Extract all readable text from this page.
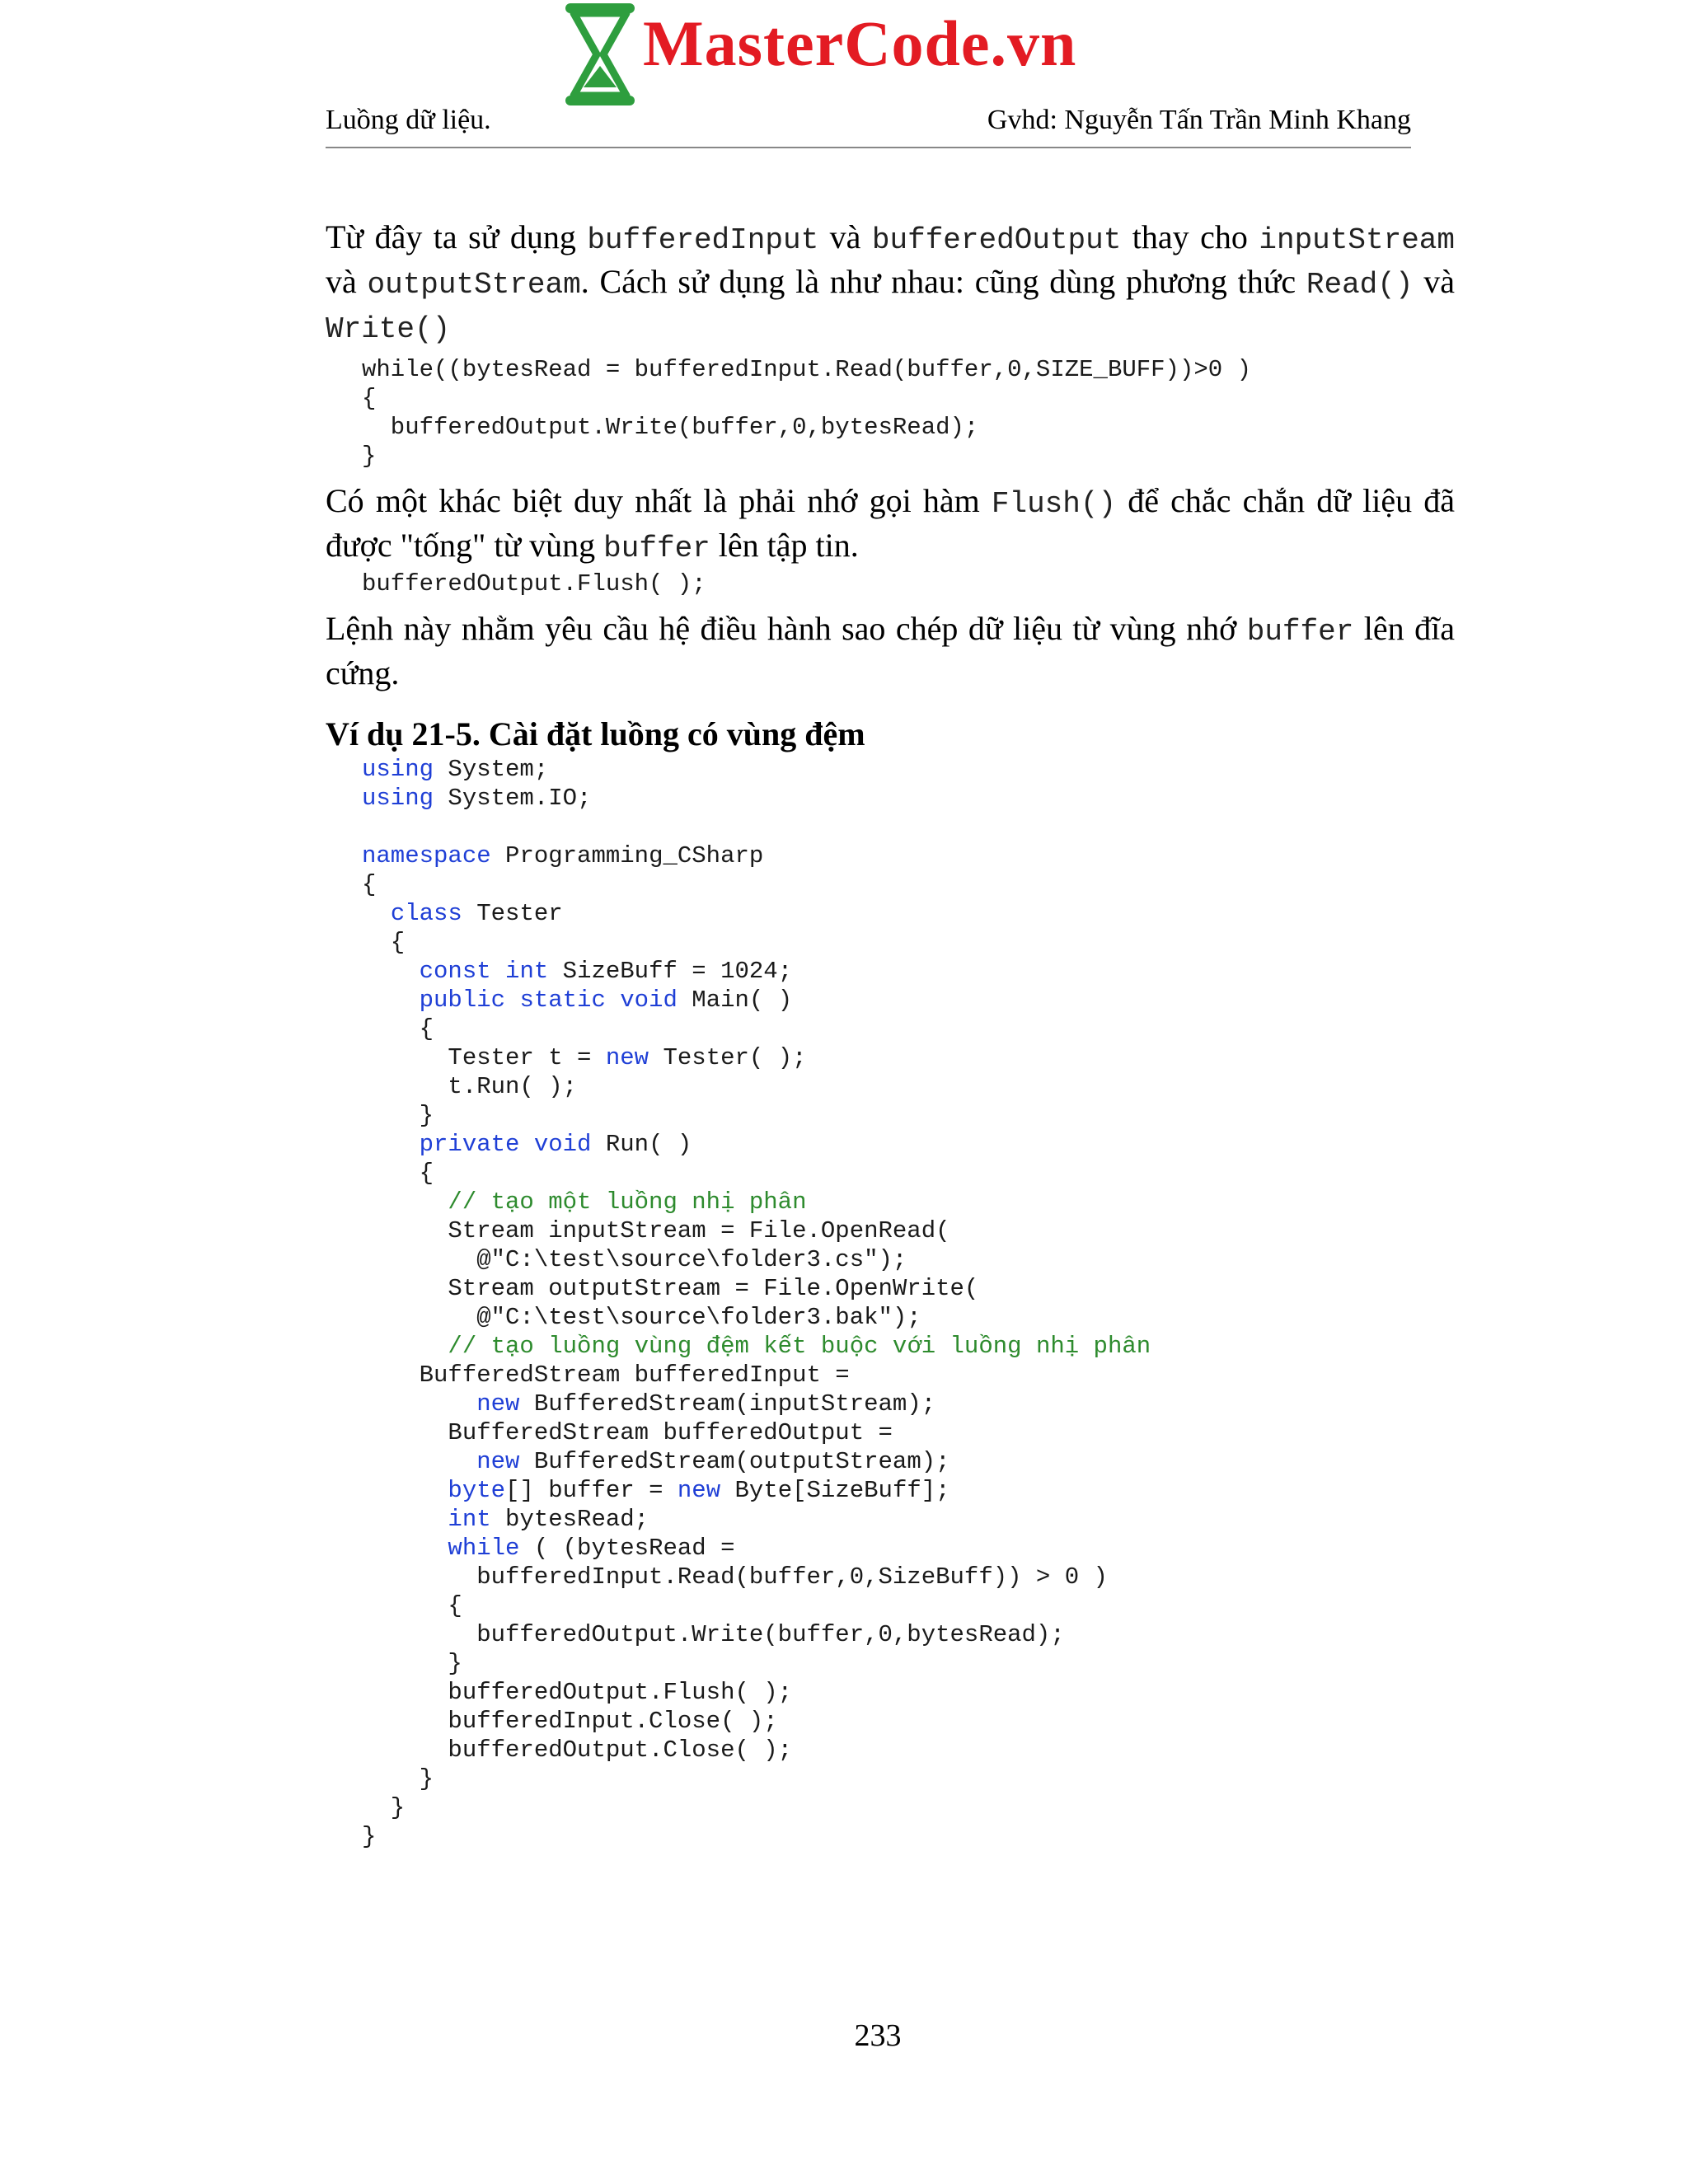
MasterCode.vn
Luồng dữ liệu.	Gvhd: Nguyễn Tấn Trần Minh Khang

Từ đây ta sử dụng bufferedInput và bufferedOutput thay cho inputStream và outputStream. Cách sử dụng là như nhau: cũng dùng phương thức Read() và Write()

while((bytesRead = bufferedInput.Read(buffer,0,SIZE_BUFF))>0 )
{
bufferedOutput.Write(buffer,0,bytesRead);
}

Có một khác biệt duy nhất là phải nhớ gọi hàm Flush() để chắc chắn dữ liệu đã được "tống" từ vùng buffer lên tập tin.

bufferedOutput.Flush( );

Lệnh này nhằm yêu cầu hệ điều hành sao chép dữ liệu từ vùng nhớ buffer lên đĩa cứng.

Ví dụ 21-5. Cài đặt luồng có vùng đệm
using System;
using System.IO;
namespace Programming_CSharp
{
class Tester
{
const int SizeBuff = 1024;
public static void Main( )
{
Tester t = new Tester( );
t.Run( );
}
private void Run( )
{
// tạo một luồng nhị phân
Stream inputStream = File.OpenRead(
@"C:\test\source\folder3.cs");
Stream outputStream = File.OpenWrite(
@"C:\test\source\folder3.bak");
// tạo luồng vùng đệm kết buộc với luồng nhị phân
BufferedStream bufferedInput =
new BufferedStream(inputStream);
BufferedStream bufferedOutput =
new BufferedStream(outputStream);
byte[] buffer = new Byte[SizeBuff];
int bytesRead;
while ( (bytesRead =
bufferedInput.Read(buffer,0,SizeBuff)) > 0 )
{
bufferedOutput.Write(buffer,0,bytesRead);
}
bufferedOutput.Flush( );
bufferedInput.Close( );
bufferedOutput.Close( );
}
}
}
233
